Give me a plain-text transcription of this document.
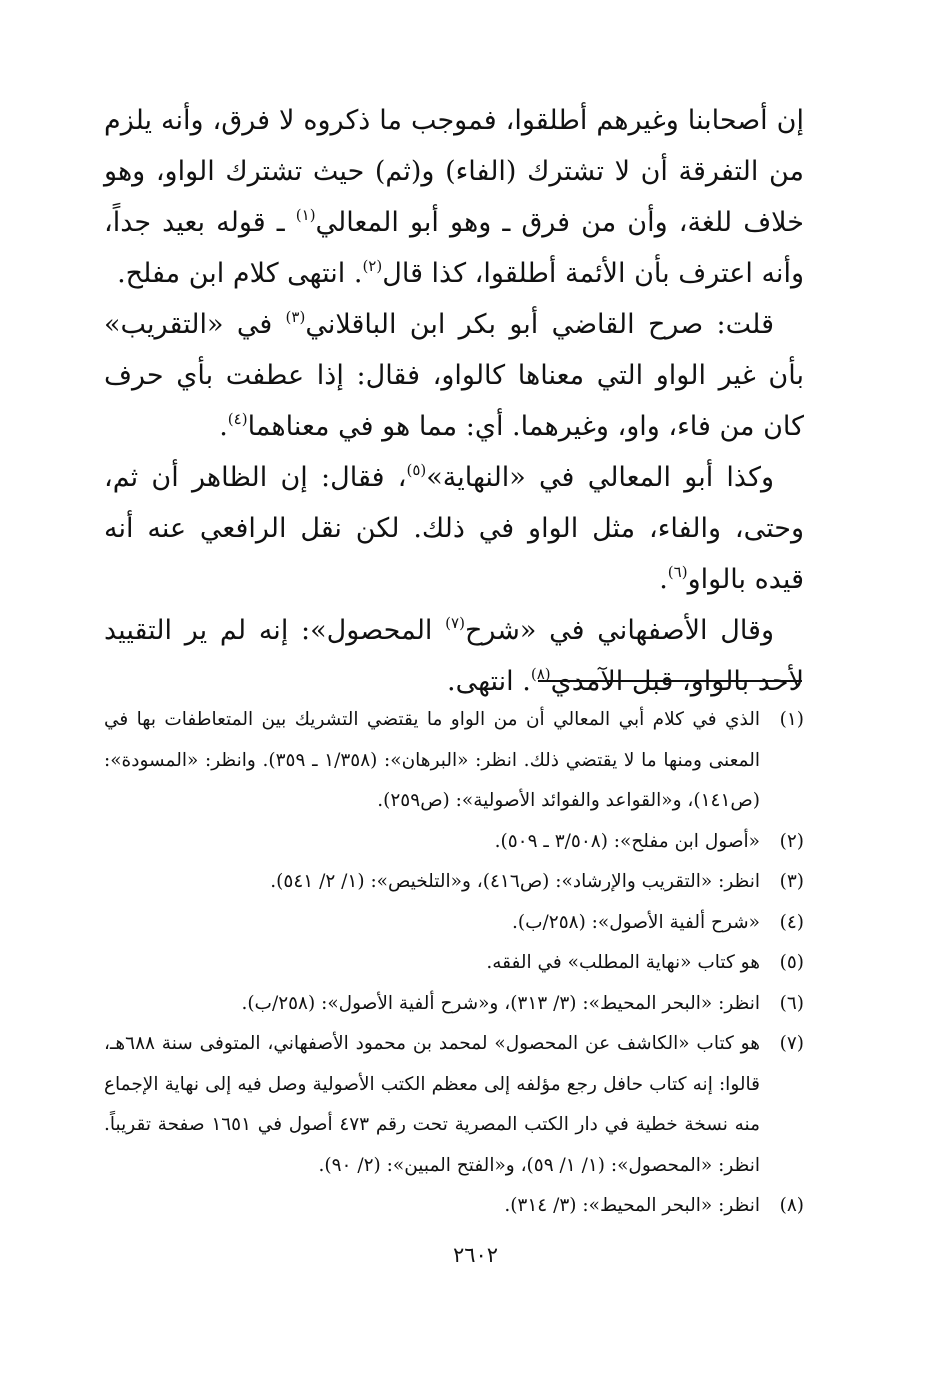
إن أصحابنا وغيرهم أطلقوا، فموجب ما ذكروه لا فرق، وأنه يلزم من التفرقة أن لا تشترك (الفاء) و(ثم) حيث تشترك الواو، وهو خلاف للغة، وأن من فرق ـ وهو أبو المعالي$^{(١)}$ ـ قوله بعيد جداً، وأنه اعترف بأن الأئمة أطلقوا، كذا قال$^{(٢)}$. انتهى كلام ابن مفلح.

قلت: صرح القاضي أبو بكر ابن الباقلاني$^{(٣)}$ في «التقريب» بأن غير الواو التي معناها كالواو، فقال: إذا عطفت بأي حرف كان من فاء، واو، وغيرهما. أي: مما هو في معناهما$^{(٤)}$.

وكذا أبو المعالي في «النهاية»$^{(٥)}$، فقال: إن الظاهر أن ثم، وحتى، والفاء، مثل الواو في ذلك. لكن نقل الرافعي عنه أنه قيده بالواو$^{(٦)}$.

وقال الأصفهاني في «شرح$^{(٧)}$ المحصول»: إنه لم ير التقييد لأحد بالواو، قبل الآمدي$^{(٨)}$. انتهى.

(١)
الذي في كلام أبي المعالي أن من الواو ما يقتضي التشريك بين المتعاطفات بها في المعنى ومنها ما لا يقتضي ذلك. انظر: «البرهان»: (١/٣٥٨ ـ ٣٥٩). وانظر: «المسودة»: (ص١٤١)، و«القواعد والفوائد الأصولية»: (ص٢٥٩).
(٢)
«أصول ابن مفلح»: (٣/٥٠٨ ـ ٥٠٩).
(٣)
انظر: «التقريب والإرشاد»: (ص٤١٦)، و«التلخيص»: (١/ ٢/ ٥٤١).
(٤)
«شرح ألفية الأصول»: (٢٥٨/ب).
(٥)
هو كتاب «نهاية المطلب» في الفقه.
(٦)
انظر: «البحر المحيط»: (٣/ ٣١٣)، و«شرح ألفية الأصول»: (٢٥٨/ب).
(٧)
هو كتاب «الكاشف عن المحصول» لمحمد بن محمود الأصفهاني، المتوفى سنة ٦٨٨هـ، قالوا: إنه كتاب حافل رجع مؤلفه إلى معظم الكتب الأصولية وصل فيه إلى نهاية الإجماع منه نسخة خطية في دار الكتب المصرية تحت رقم ٤٧٣ أصول في ١٦٥١ صفحة تقريباً. انظر: «المحصول»: (١/ ١/ ٥٩)، و«الفتح المبين»: (٢/ ٩٠).
(٨)
انظر: «البحر المحيط»: (٣/ ٣١٤).
٢٦٠٢
